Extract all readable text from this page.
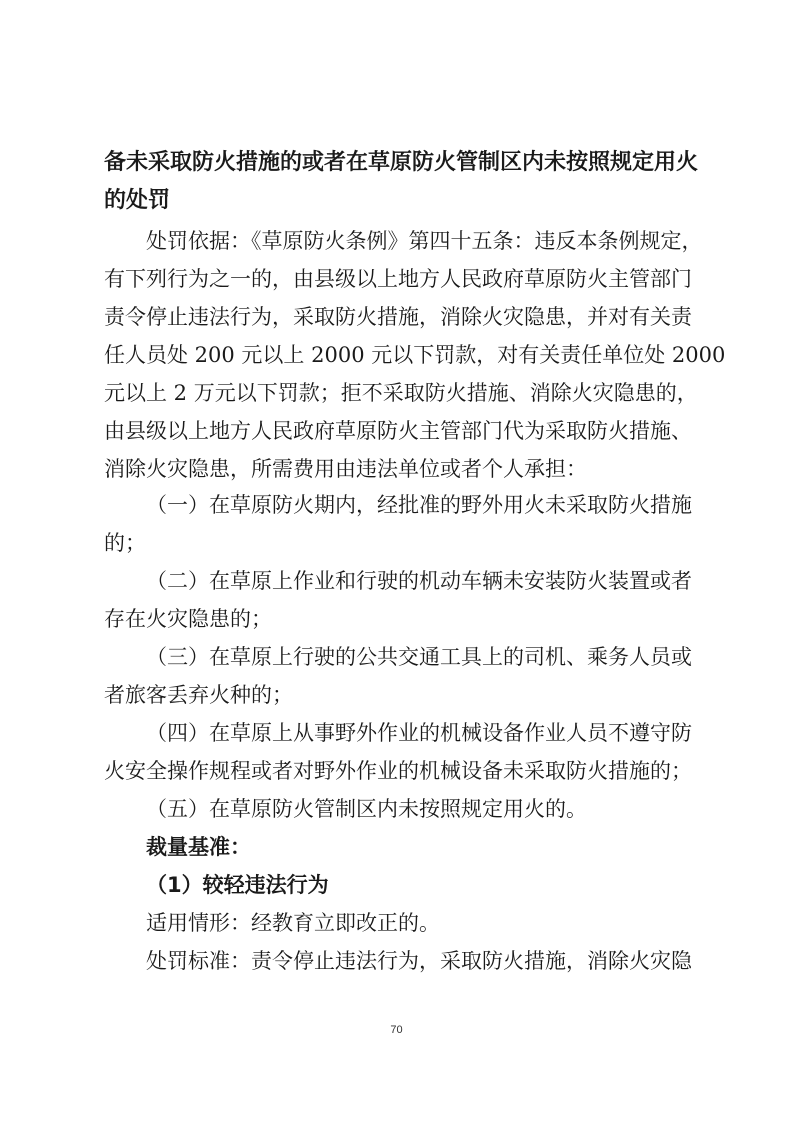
备未采取防火措施的或者在草原防火管制区内未按照规定用火
的处罚
处罚依据：《草原防火条例》第四十五条：违反本条例规定，
有下列行为之一的，由县级以上地方人民政府草原防火主管部门
责令停止违法行为，采取防火措施，消除火灾隐患，并对有关责
任人员处 200 元以上 2000 元以下罚款，对有关责任单位处 2000
元以上 2 万元以下罚款；拒不采取防火措施、消除火灾隐患的，
由县级以上地方人民政府草原防火主管部门代为采取防火措施、
消除火灾隐患，所需费用由违法单位或者个人承担：
（一）在草原防火期内，经批准的野外用火未采取防火措施
的；
（二）在草原上作业和行驶的机动车辆未安装防火装置或者
存在火灾隐患的；
（三）在草原上行驶的公共交通工具上的司机、乘务人员或
者旅客丢弃火种的；
（四）在草原上从事野外作业的机械设备作业人员不遵守防
火安全操作规程或者对野外作业的机械设备未采取防火措施的；
（五）在草原防火管制区内未按照规定用火的。
裁量基准：
（1）较轻违法行为
适用情形：经教育立即改正的。
处罚标准：责令停止违法行为，采取防火措施，消除火灾隐
70
